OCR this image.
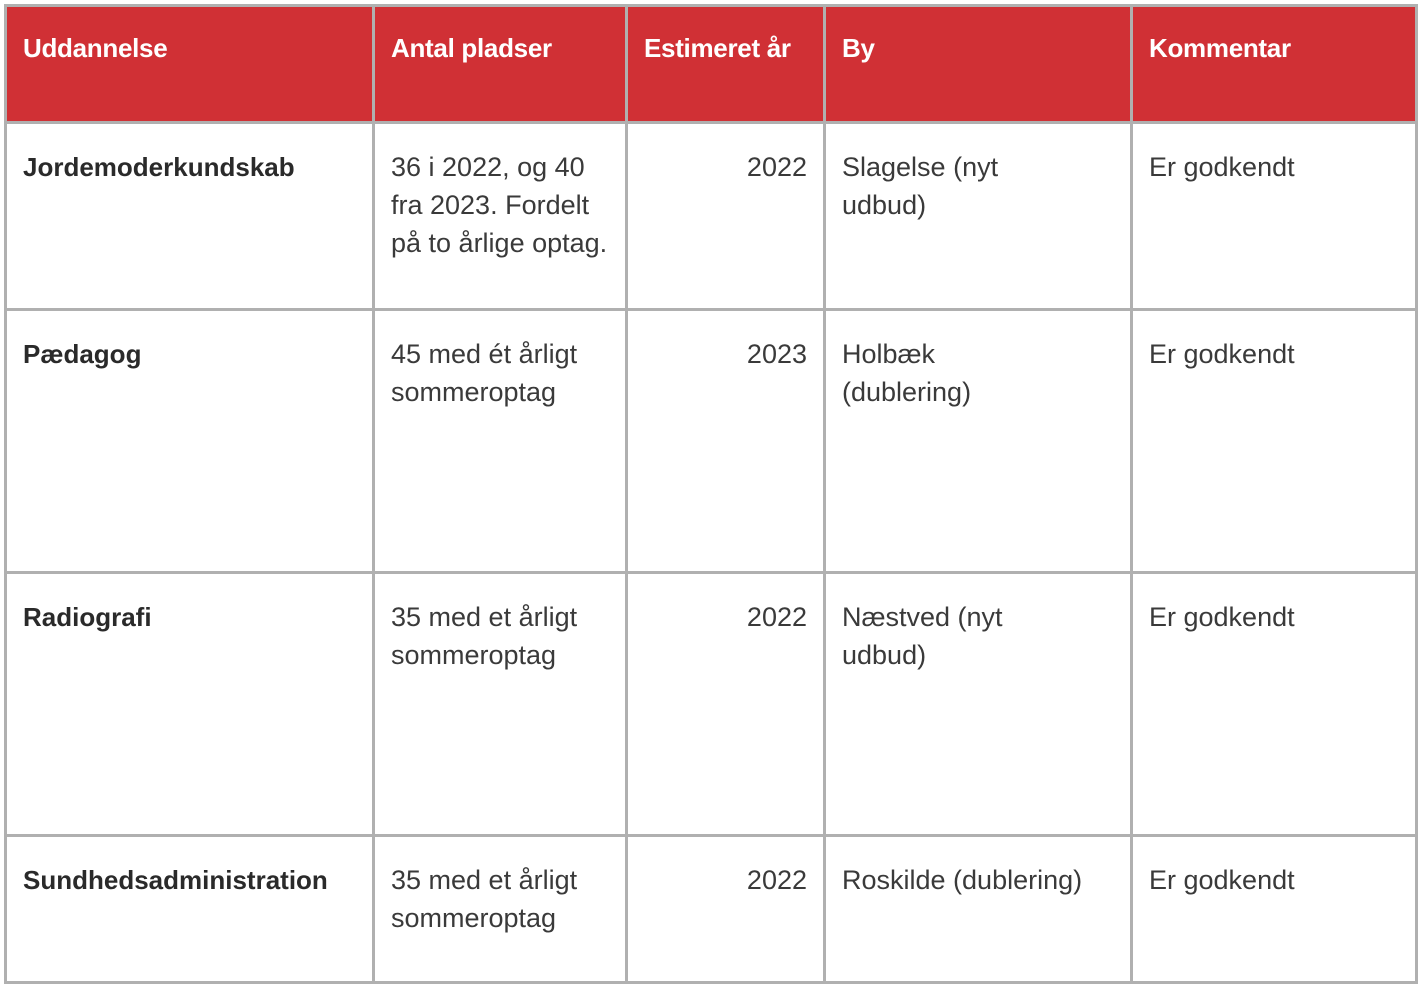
Uddannelse	Antal pladser	Estimeret år	By	Kommentar

Jordemoderkundskab	36 i 2022, og 40 fra 2023. Fordelt på to årlige optag.	2022	Slagelse (nyt udbud)	Er godkendt

Pædagog	45 med ét årligt sommeroptag	2023	Holbæk (dublering)	Er godkendt

Radiografi	35 med et årligt sommeroptag	2022	Næstved (nyt udbud)	Er godkendt

Sundhedsadministration	35 med et årligt sommeroptag	2022	Roskilde (dublering)	Er godkendt
